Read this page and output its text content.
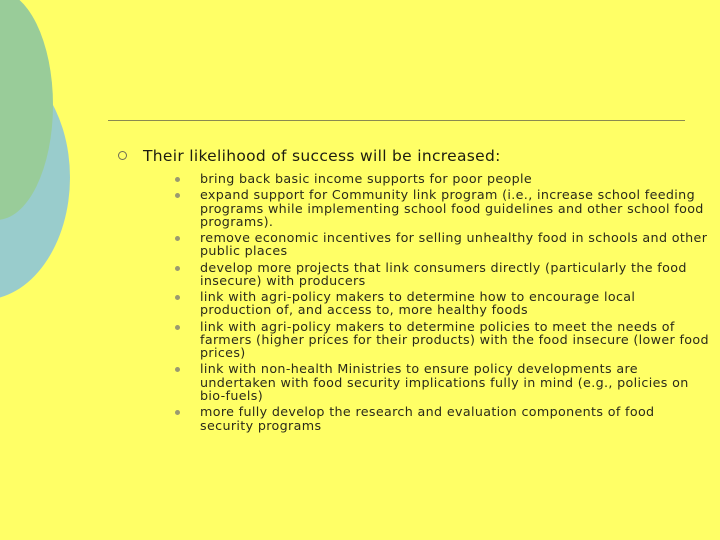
Their likelihood of success will be increased:
bring back basic income supports for poor people
expand support for Community link program (i.e., increase school feeding programs while implementing school food guidelines and other school food programs).
remove economic incentives for selling unhealthy food in schools and other public places
develop more projects that link consumers directly (particularly the food insecure) with producers
link with agri-policy makers to determine how to encourage local production of, and access to, more healthy foods
link with agri-policy makers to determine policies to meet the needs of farmers (higher prices for their products) with the food insecure (lower food prices)
link with non-health Ministries to ensure policy developments are undertaken with food security implications fully in mind (e.g., policies on bio-fuels)
more fully develop the research and evaluation components of food security programs
